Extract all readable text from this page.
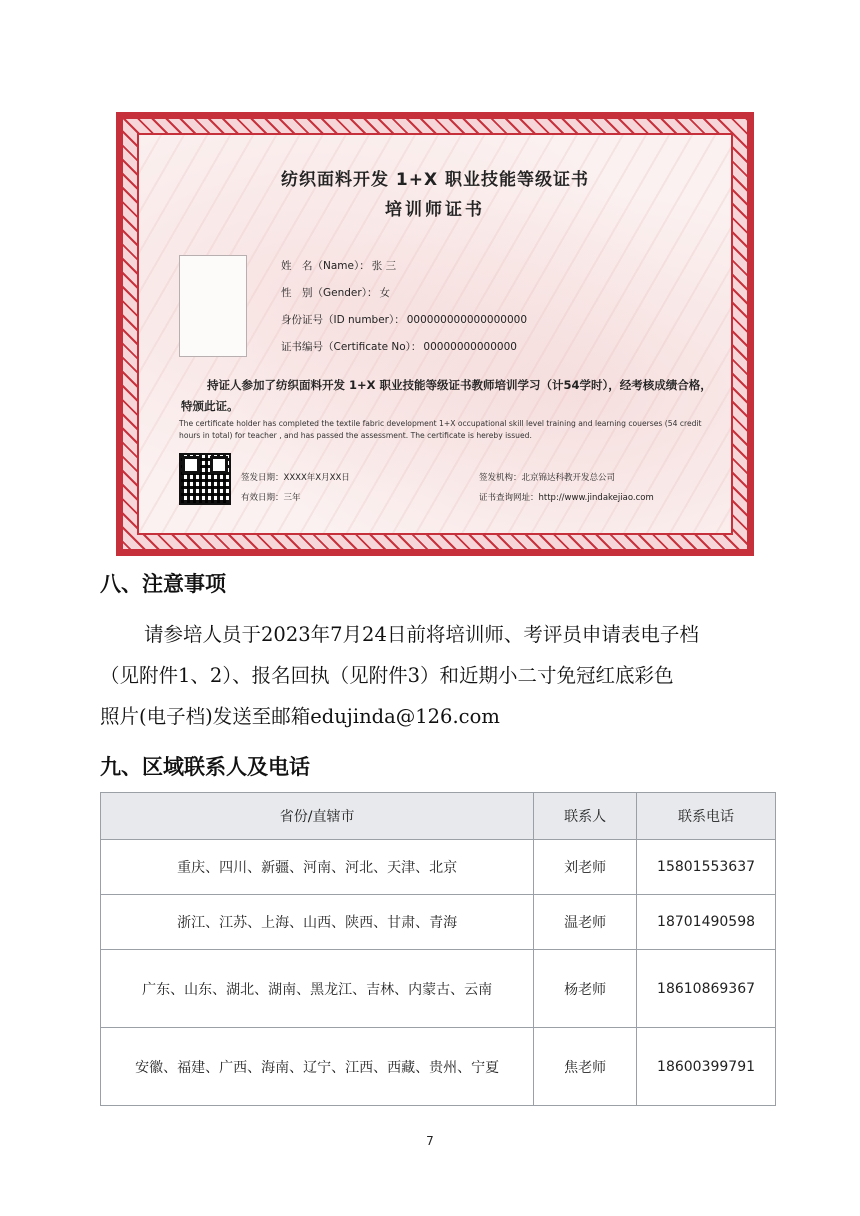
纺织面料开发 1+X 职业技能等级证书
培训师证书
姓　名（Name）： 张 三
性　别（Gender）： 女
身份证号（ID number）： 000000000000000000
证书编号（Certificate No）： 00000000000000
持证人参加了纺织面料开发 1+X 职业技能等级证书教师培训学习（计54学时），经考核成绩合格，特颁此证。
The certificate holder has completed the textile fabric development 1+X occupational skill level training and learning couerses (54 credit hours in total) for teacher , and has passed the assessment. The certificate is hereby issued.
签发日期：XXXX年X月XX日
有效日期：三年
签发机构：北京锦达科教开发总公司
证书查询网址：http://www.jindakejiao.com
八、注意事项
请参培人员于2023年7月24日前将培训师、考评员申请表电子档
（见附件1、2）、报名回执（见附件3）和近期小二寸免冠红底彩色
照片(电子档)发送至邮箱edujinda@126.com
九、区域联系人及电话
省份/直辖市	联系人	联系电话
重庆、四川、新疆、河南、河北、天津、北京	刘老师	15801553637
浙江、江苏、上海、山西、陕西、甘肃、青海	温老师	18701490598
广东、山东、湖北、湖南、黑龙江、吉林、内蒙古、云南	杨老师	18610869367
安徽、福建、广西、海南、辽宁、江西、西藏、贵州、宁夏	焦老师	18600399791
7
